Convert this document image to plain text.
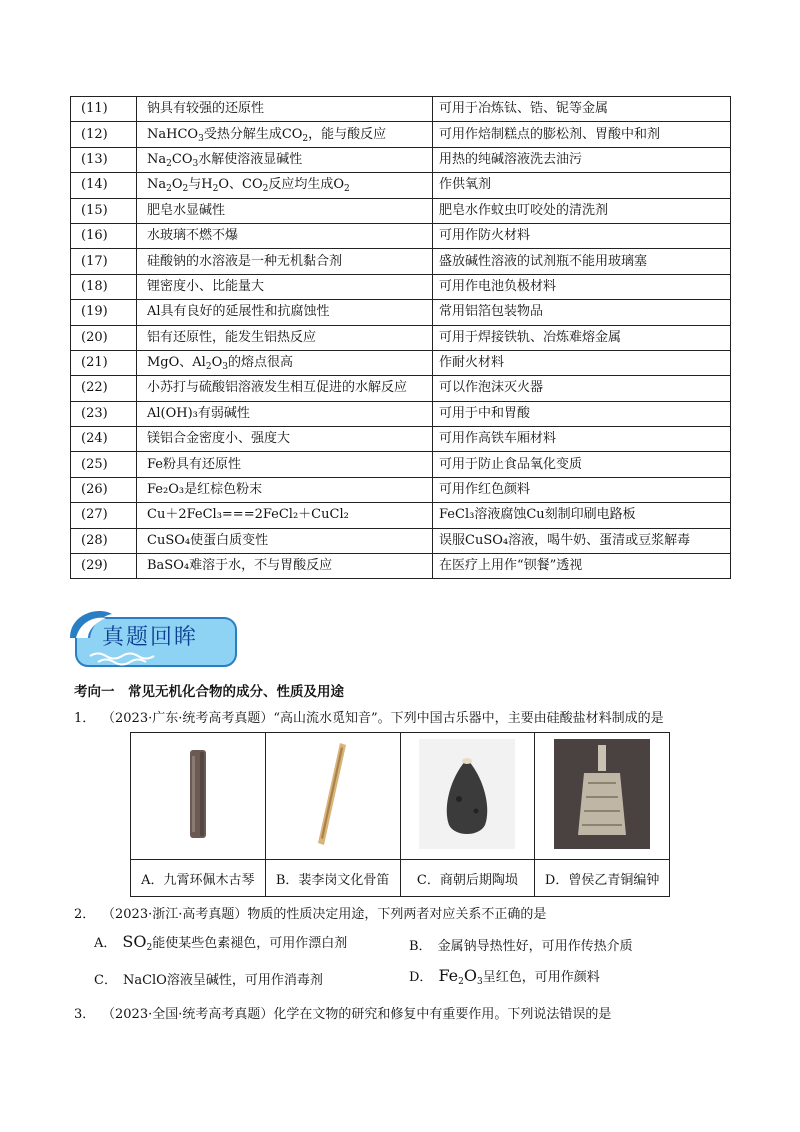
(11)	钠具有较强的还原性	可用于冶炼钛、锆、铌等金属
(12)	NaHCO$_3$受热分解生成$CO_2$，能与酸反应	可用作焙制糕点的膨松剂、胃酸中和剂
(13)	$Na_2CO_3$水解使溶液显碱性	用热的纯碱溶液洗去油污
(14)	$Na_2O_2$与$H_2O$、$CO_2$反应均生成$O_2$	作供氧剂
(15)	肥皂水显碱性	肥皂水作蚊虫叮咬处的清洗剂
(16)	水玻璃不燃不爆	可用作防火材料
(17)	硅酸钠的水溶液是一种无机黏合剂	盛放碱性溶液的试剂瓶不能用玻璃塞
(18)	锂密度小、比能量大	可用作电池负极材料
(19)	Al具有良好的延展性和抗腐蚀性	常用铝箔包装物品
(20)	铝有还原性，能发生铝热反应	可用于焊接铁轨、冶炼难熔金属
(21)	MgO、$Al_2O_3$的熔点很高	作耐火材料
(22)	小苏打与硫酸铝溶液发生相互促进的水解反应	可以作泡沫灭火器
(23)	Al(OH)₃有弱碱性	可用于中和胃酸
(24)	镁铝合金密度小、强度大	可用作高铁车厢材料
(25)	Fe粉具有还原性	可用于防止食品氧化变质
(26)	Fe₂O₃是红棕色粉末	可用作红色颜料
(27)	Cu＋2FeCl₃===2FeCl₂＋CuCl₂	FeCl₃溶液腐蚀Cu刻制印刷电路板
(28)	CuSO₄使蛋白质变性	误服CuSO₄溶液，喝牛奶、蛋清或豆浆解毒
(29)	BaSO₄难溶于水，不与胃酸反应	在医疗上用作“钡餐”透视
真题回眸
考向一　常见无机化合物的成分、性质及用途
1． （2023·广东·统考高考真题）“高山流水觅知音”。下列中国古乐器中，主要由硅酸盐材料制成的是

A．九霄环佩木古琴	B．裴李岗文化骨笛	C．商朝后期陶埙	D．曾侯乙青铜编钟
2． （2023·浙江·高考真题）物质的性质决定用途，下列两者对应关系不正确的是
A． $SO_2$能使某些色素褪色，可用作漂白剂	B． 金属钠导热性好，可用作传热介质
C． NaClO溶液呈碱性，可用作消毒剂	D． $Fe_2O_3$呈红色，可用作颜料
3． （2023·全国·统考高考真题）化学在文物的研究和修复中有重要作用。下列说法错误的是
